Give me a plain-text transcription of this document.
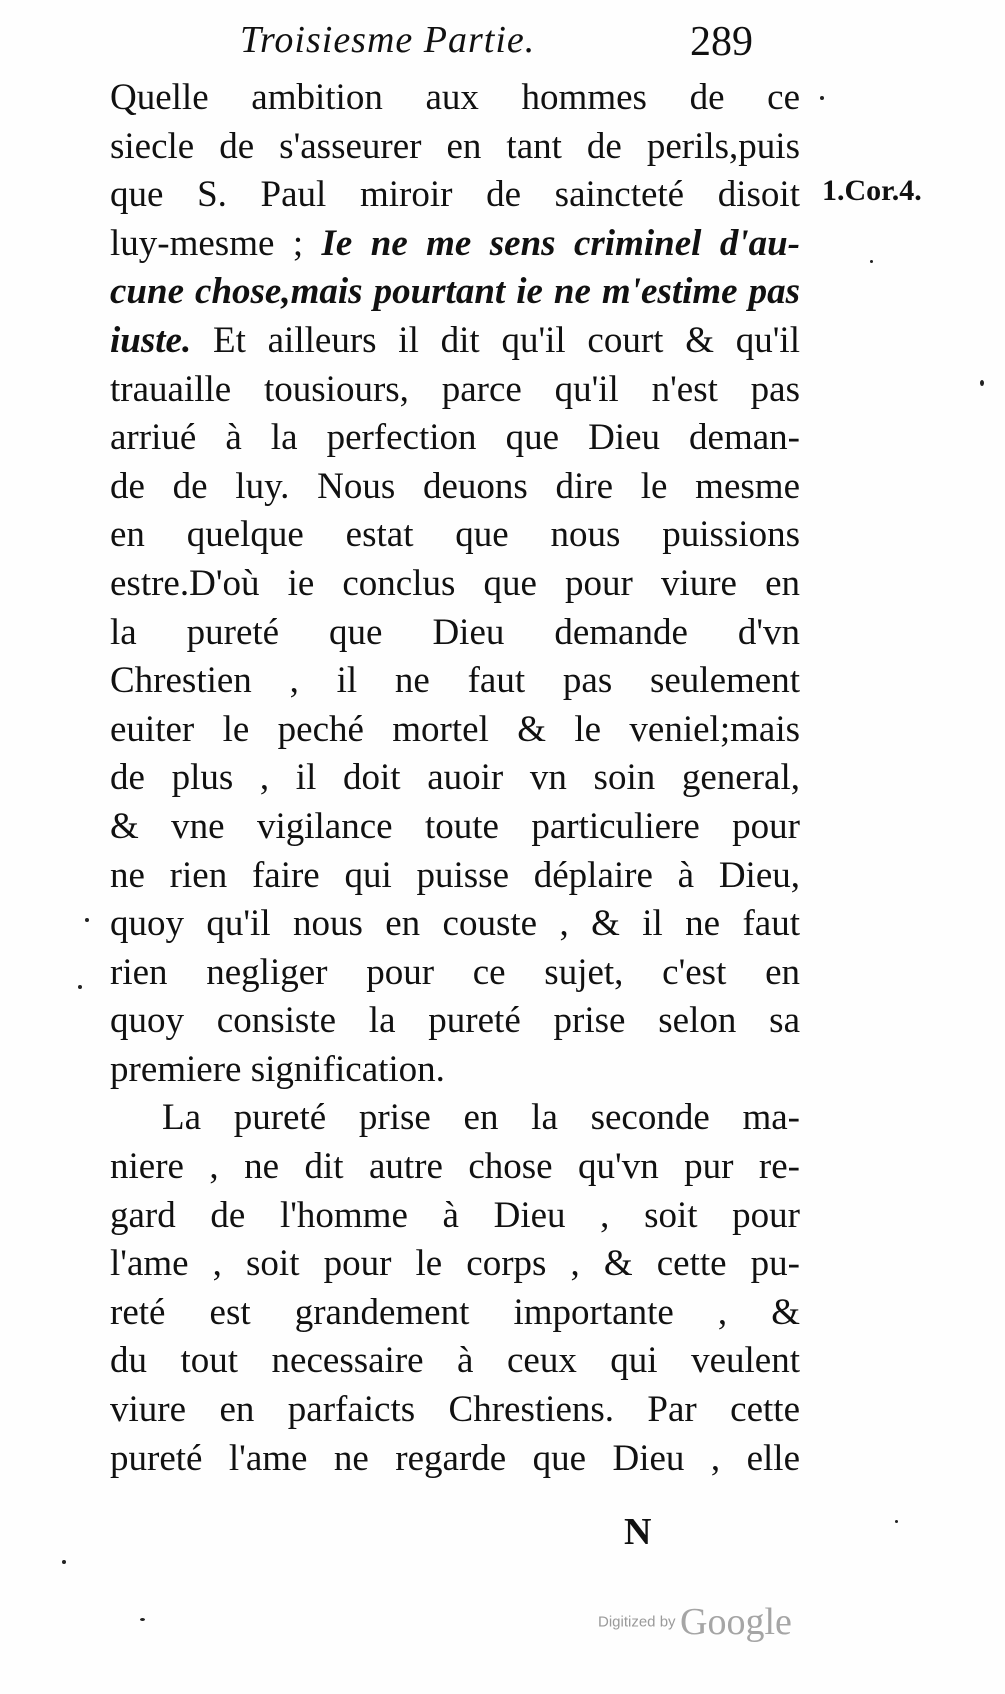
Troisiesme Partie.	289
1.Cor.4.
Quelle ambition aux hommes de ce
siecle de s'asseurer en tant de perils,puis
que S. Paul miroir de saincteté disoit
luy-mesme ; Ie ne me sens criminel d'au-
cune chose,mais pourtant ie ne m'estime pas
iuste. Et ailleurs il dit qu'il court & qu'il
trauaille tousiours, parce qu'il n'est pas
arriué à la perfection que Dieu deman-
de de luy. Nous deuons dire le mesme
en quelque estat que nous puissions
estre.D'où ie conclus que pour viure en
la pureté que Dieu demande d'vn
Chrestien , il ne faut pas seulement
euiter le peché mortel & le veniel;mais
de plus , il doit auoir vn soin general,
& vne vigilance toute particuliere pour
ne rien faire qui puisse déplaire à Dieu,
quoy qu'il nous en couste , & il ne faut
rien negliger pour ce sujet, c'est en
quoy consiste la pureté prise selon sa
premiere signification.
La pureté prise en la seconde ma-
niere , ne dit autre chose qu'vn pur re-
gard de l'homme à Dieu , soit pour
l'ame , soit pour le corps , & cette pu-
reté est grandement importante , &
du tout necessaire à ceux qui veulent
viure en parfaicts Chrestiens. Par cette
pureté l'ame ne regarde que Dieu , elle
N
Digitized by Google
